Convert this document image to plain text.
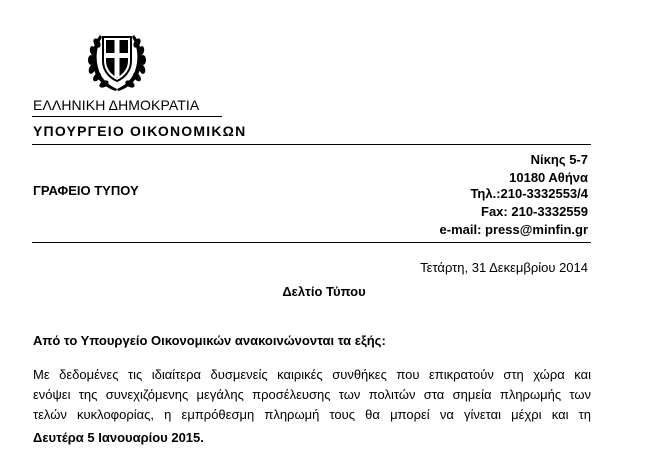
ΕΛΛΗΝΙΚΗ ΔΗΜΟΚΡΑΤΙΑ
ΥΠΟΥΡΓΕΙΟ ΟΙΚΟΝΟΜΙΚΩΝ
Νίκης 5-7
10180 Αθήνα
ΓΡΑΦΕΙΟ ΤΥΠΟΥ	Τηλ.:210-3332553/4
Fax: 210-3332559
e-mail: press@minfin.gr
Τετάρτη, 31 Δεκεμβρίου 2014
Δελτίο Τύπου
Από το Υπουργείο Οικονομικών ανακοινώνονται τα εξής:
Με δεδομένες τις ιδιαίτερα δυσμενείς καιρικές συνθήκες που επικρατούν στη χώρα και
ενόψει της συνεχιζόμενης μεγάλης προσέλευσης των πολιτών στα σημεία πληρωμής των
τελών κυκλοφορίας, η εμπρόθεσμη πληρωμή τους θα μπορεί να γίνεται μέχρι και τη
Δευτέρα 5 Ιανουαρίου 2015.
